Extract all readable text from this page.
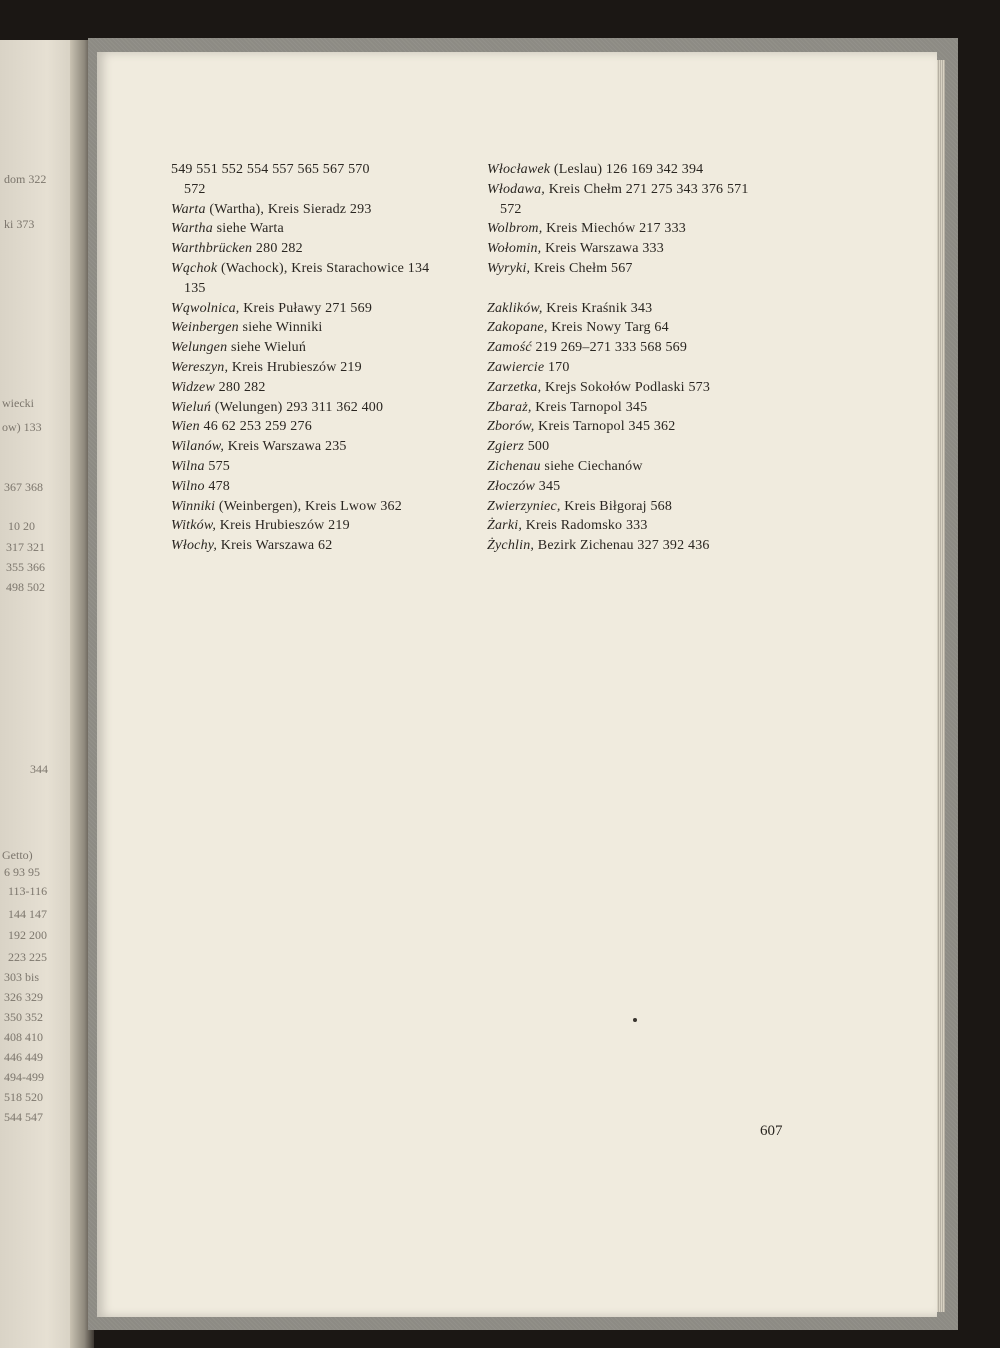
dom 322
ki 373
wiecki
ow) 133
367 368
10 20
317 321
355 366
498 502
344
Getto)
6 93 95
113-116
144 147
192 200
223 225
303 bis
326 329
350 352
408 410
446 449
494-499
518 520
544 547
549 551 552 554 557 565 567 570
572
Warta (Wartha), Kreis Sieradz 293
Wartha siehe Warta
Warthbrücken 280 282
Wąchok (Wachock), Kreis Starachowice 134
135
Wąwolnica, Kreis Puławy 271 569
Weinbergen siehe Winniki
Welungen siehe Wieluń
Wereszyn, Kreis Hrubieszów 219
Widzew 280 282
Wieluń (Welungen) 293 311 362 400
Wien 46 62 253 259 276
Wilanów, Kreis Warszawa 235
Wilna 575
Wilno 478
Winniki (Weinbergen), Kreis Lwow 362
Witków, Kreis Hrubieszów 219
Włochy, Kreis Warszawa 62
Włocławek (Leslau) 126 169 342 394
Włodawa, Kreis Chełm 271 275 343 376 571
572
Wolbrom, Kreis Miechów 217 333
Wołomin, Kreis Warszawa 333
Wyryki, Kreis Chełm 567
Zaklików, Kreis Kraśnik 343
Zakopane, Kreis Nowy Targ 64
Zamość 219 269–271 333 568 569
Zawiercie 170
Zarzetka, Krejs Sokołów Podlaski 573
Zbaraż, Kreis Tarnopol 345
Zborów, Kreis Tarnopol 345 362
Zgierz 500
Zichenau siehe Ciechanów
Złoczów 345
Zwierzyniec, Kreis Biłgoraj 568
Żarki, Kreis Radomsko 333
Żychlin, Bezirk Zichenau 327 392 436
607
